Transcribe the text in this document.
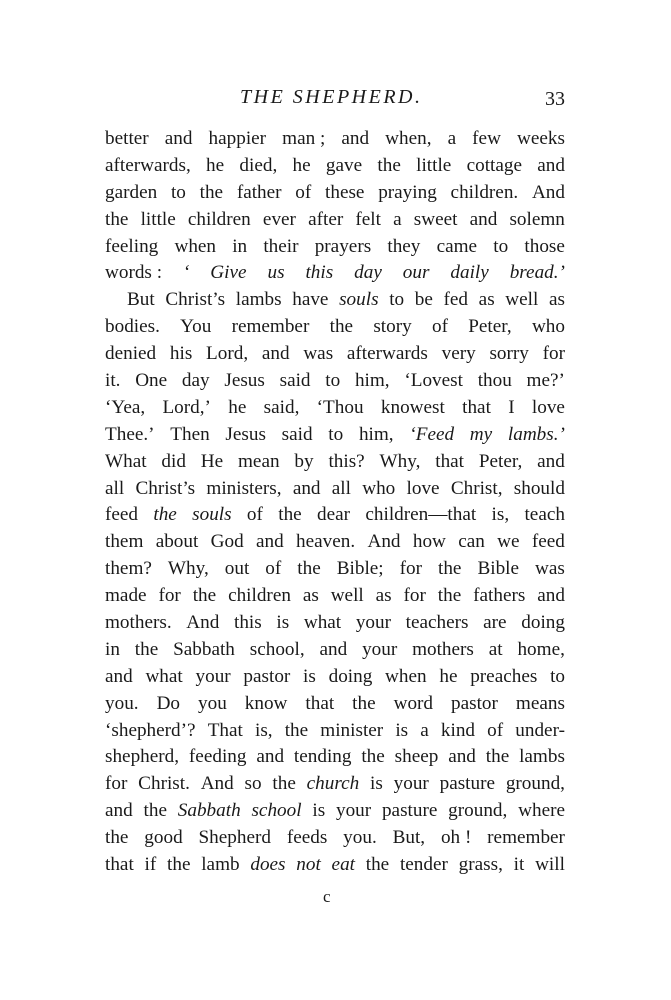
THE SHEPHERD.	33
better and happier man ; and when, a few weeks
afterwards, he died, he gave the little cottage and
garden to the father of these praying children. And
the little children ever after felt a sweet and solemn
feeling when in their prayers they came to those
words : ‘ Give us this day our daily bread.’
But Christ’s lambs have souls to be fed as well as
bodies. You remember the story of Peter, who
denied his Lord, and was afterwards very sorry for
it. One day Jesus said to him, ‘Lovest thou me?’
‘Yea, Lord,’ he said, ‘Thou knowest that I love
Thee.’ Then Jesus said to him, ‘Feed my lambs.’
What did He mean by this? Why, that Peter, and
all Christ’s ministers, and all who love Christ, should
feed the souls of the dear children—that is, teach
them about God and heaven. And how can we feed
them? Why, out of the Bible; for the Bible was
made for the children as well as for the fathers and
mothers. And this is what your teachers are doing
in the Sabbath school, and your mothers at home,
and what your pastor is doing when he preaches to
you. Do you know that the word pastor means
‘shepherd’? That is, the minister is a kind of under-
shepherd, feeding and tending the sheep and the lambs
for Christ. And so the church is your pasture ground,
and the Sabbath school is your pasture ground, where
the good Shepherd feeds you. But, oh ! remember
that if the lamb does not eat the tender grass, it will
c
